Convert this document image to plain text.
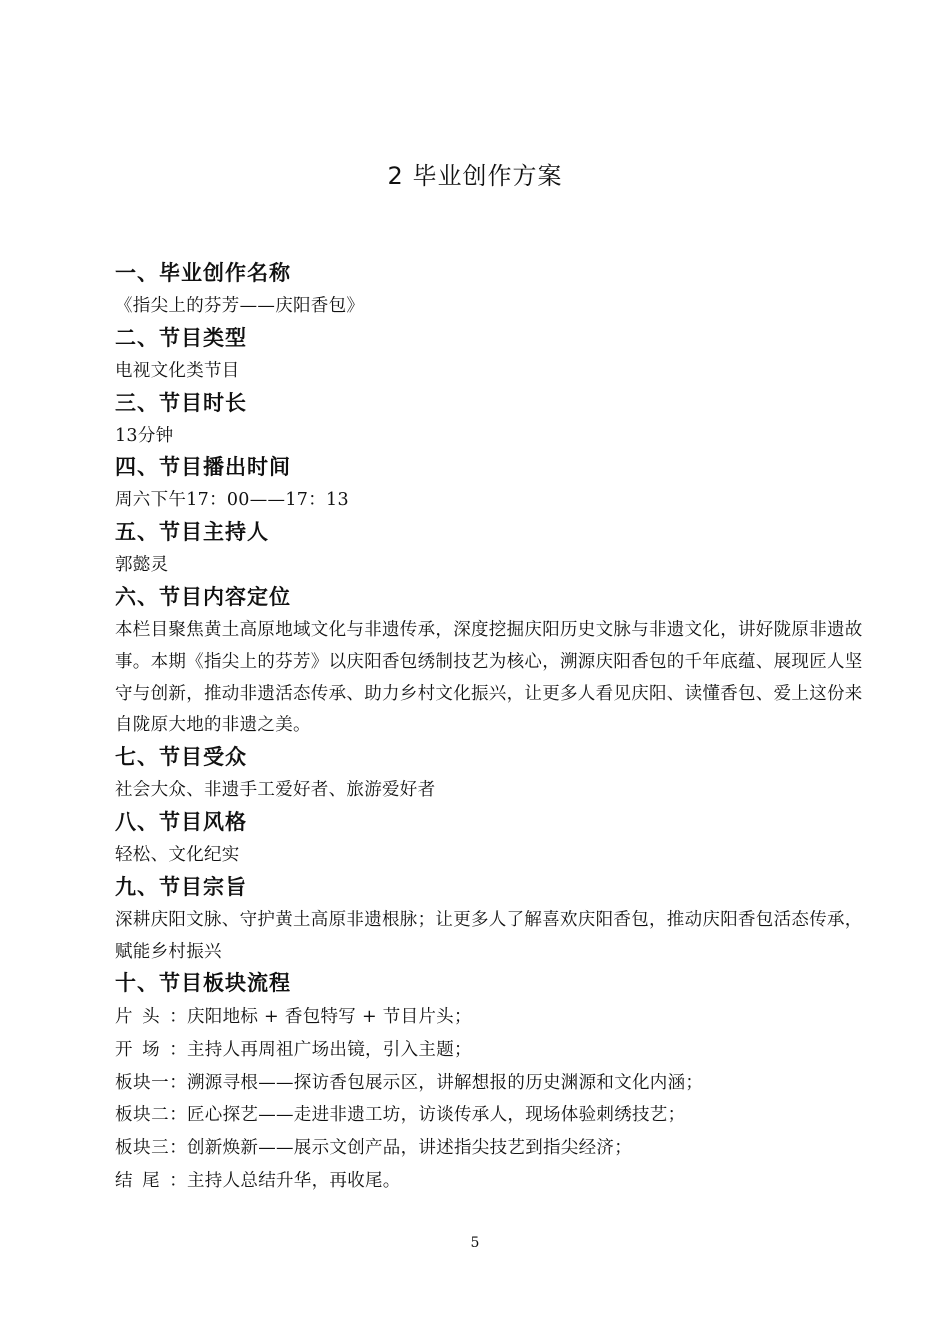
2 毕业创作方案
一、毕业创作名称
《指尖上的芬芳——庆阳香包》
二、节目类型
电视文化类节目
三、节目时长
13分钟
四、节目播出时间
周六下午17：00——17：13
五、节目主持人
郭懿灵
六、节目内容定位
本栏目聚焦黄土高原地域文化与非遗传承，深度挖掘庆阳历史文脉与非遗文化，讲好陇原非遗故事。本期《指尖上的芬芳》以庆阳香包绣制技艺为核心，溯源庆阳香包的千年底蕴、展现匠人坚守与创新，推动非遗活态传承、助力乡村文化振兴，让更多人看见庆阳、读懂香包、爱上这份来自陇原大地的非遗之美。
七、节目受众
社会大众、非遗手工爱好者、旅游爱好者
八、节目风格
轻松、文化纪实
九、节目宗旨
深耕庆阳文脉、守护黄土高原非遗根脉；让更多人了解喜欢庆阳香包，推动庆阳香包活态传承，赋能乡村振兴
十、节目板块流程
片头： 庆阳地标 + 香包特写 + 节目片头；
开场： 主持人再周祖广场出镜，引入主题；
板块一： 溯源寻根——探访香包展示区，讲解想报的历史渊源和文化内涵；
板块二： 匠心探艺——走进非遗工坊，访谈传承人，现场体验刺绣技艺；
板块三： 创新焕新——展示文创产品，讲述指尖技艺到指尖经济；
结尾： 主持人总结升华，再收尾。
5
